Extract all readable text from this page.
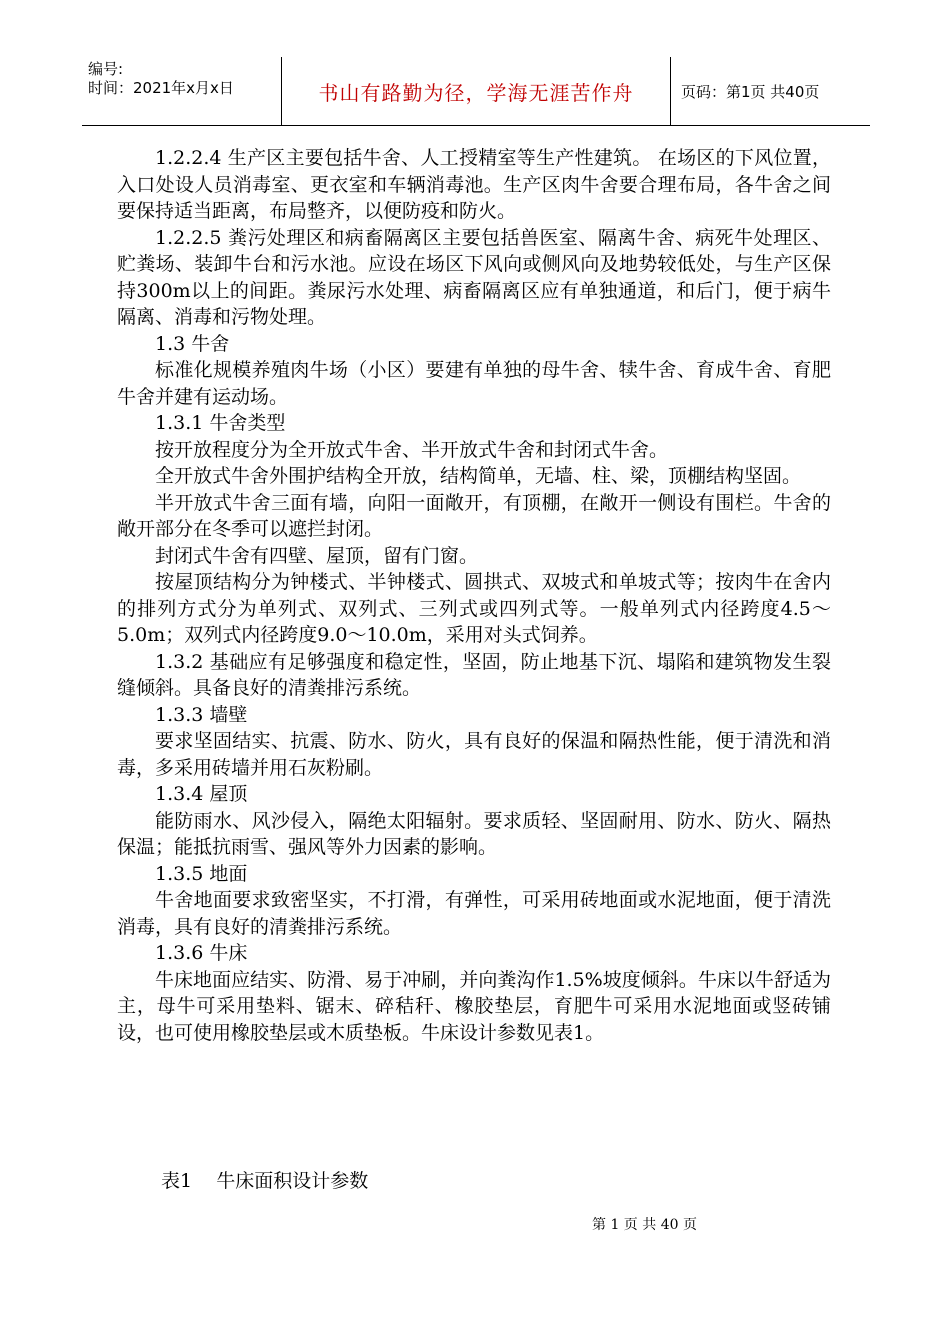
编号:
时间：2021年x月x日	书山有路勤为径，学海无涯苦作舟	页码：第1页 共40页

1.2.2.4 生产区主要包括牛舍、人工授精室等生产性建筑。 在场区的下风位置，入口处设人员消毒室、更衣室和车辆消毒池。生产区肉牛舍要合理布局，各牛舍之间要保持适当距离，布局整齐，以便防疫和防火。

1.2.2.5 粪污处理区和病畜隔离区主要包括兽医室、隔离牛舍、病死牛处理区、贮粪场、装卸牛台和污水池。应设在场区下风向或侧风向及地势较低处，与生产区保持300m以上的间距。粪尿污水处理、病畜隔离区应有单独通道，和后门，便于病牛隔离、消毒和污物处理。

1.3 牛舍

标准化规模养殖肉牛场（小区）要建有单独的母牛舍、犊牛舍、育成牛舍、育肥牛舍并建有运动场。

1.3.1 牛舍类型

按开放程度分为全开放式牛舍、半开放式牛舍和封闭式牛舍。

全开放式牛舍外围护结构全开放，结构简单，无墙、柱、梁，顶棚结构坚固。

半开放式牛舍三面有墙，向阳一面敞开，有顶棚，在敞开一侧设有围栏。牛舍的敞开部分在冬季可以遮拦封闭。

封闭式牛舍有四壁、屋顶，留有门窗。

按屋顶结构分为钟楼式、半钟楼式、圆拱式、双坡式和单坡式等；按肉牛在舍内的排列方式分为单列式、双列式、三列式或四列式等。一般单列式内径跨度4.5～5.0m；双列式内径跨度9.0～10.0m，采用对头式饲养。

1.3.2 基础应有足够强度和稳定性，坚固，防止地基下沉、塌陷和建筑物发生裂缝倾斜。具备良好的清粪排污系统。

1.3.3 墙壁

要求坚固结实、抗震、防水、防火，具有良好的保温和隔热性能，便于清洗和消毒，多采用砖墙并用石灰粉刷。

1.3.4 屋顶

能防雨水、风沙侵入，隔绝太阳辐射。要求质轻、坚固耐用、防水、防火、隔热保温；能抵抗雨雪、强风等外力因素的影响。

1.3.5 地面

牛舍地面要求致密坚实，不打滑，有弹性，可采用砖地面或水泥地面，便于清洗消毒，具有良好的清粪排污系统。

1.3.6 牛床

牛床地面应结实、防滑、易于冲刷，并向粪沟作1.5%坡度倾斜。牛床以牛舒适为主，母牛可采用垫料、锯末、碎秸秆、橡胶垫层，育肥牛可采用水泥地面或竖砖铺设，也可使用橡胶垫层或木质垫板。牛床设计参数见表1。

表1    牛床面积设计参数
第 1 页 共 40 页
